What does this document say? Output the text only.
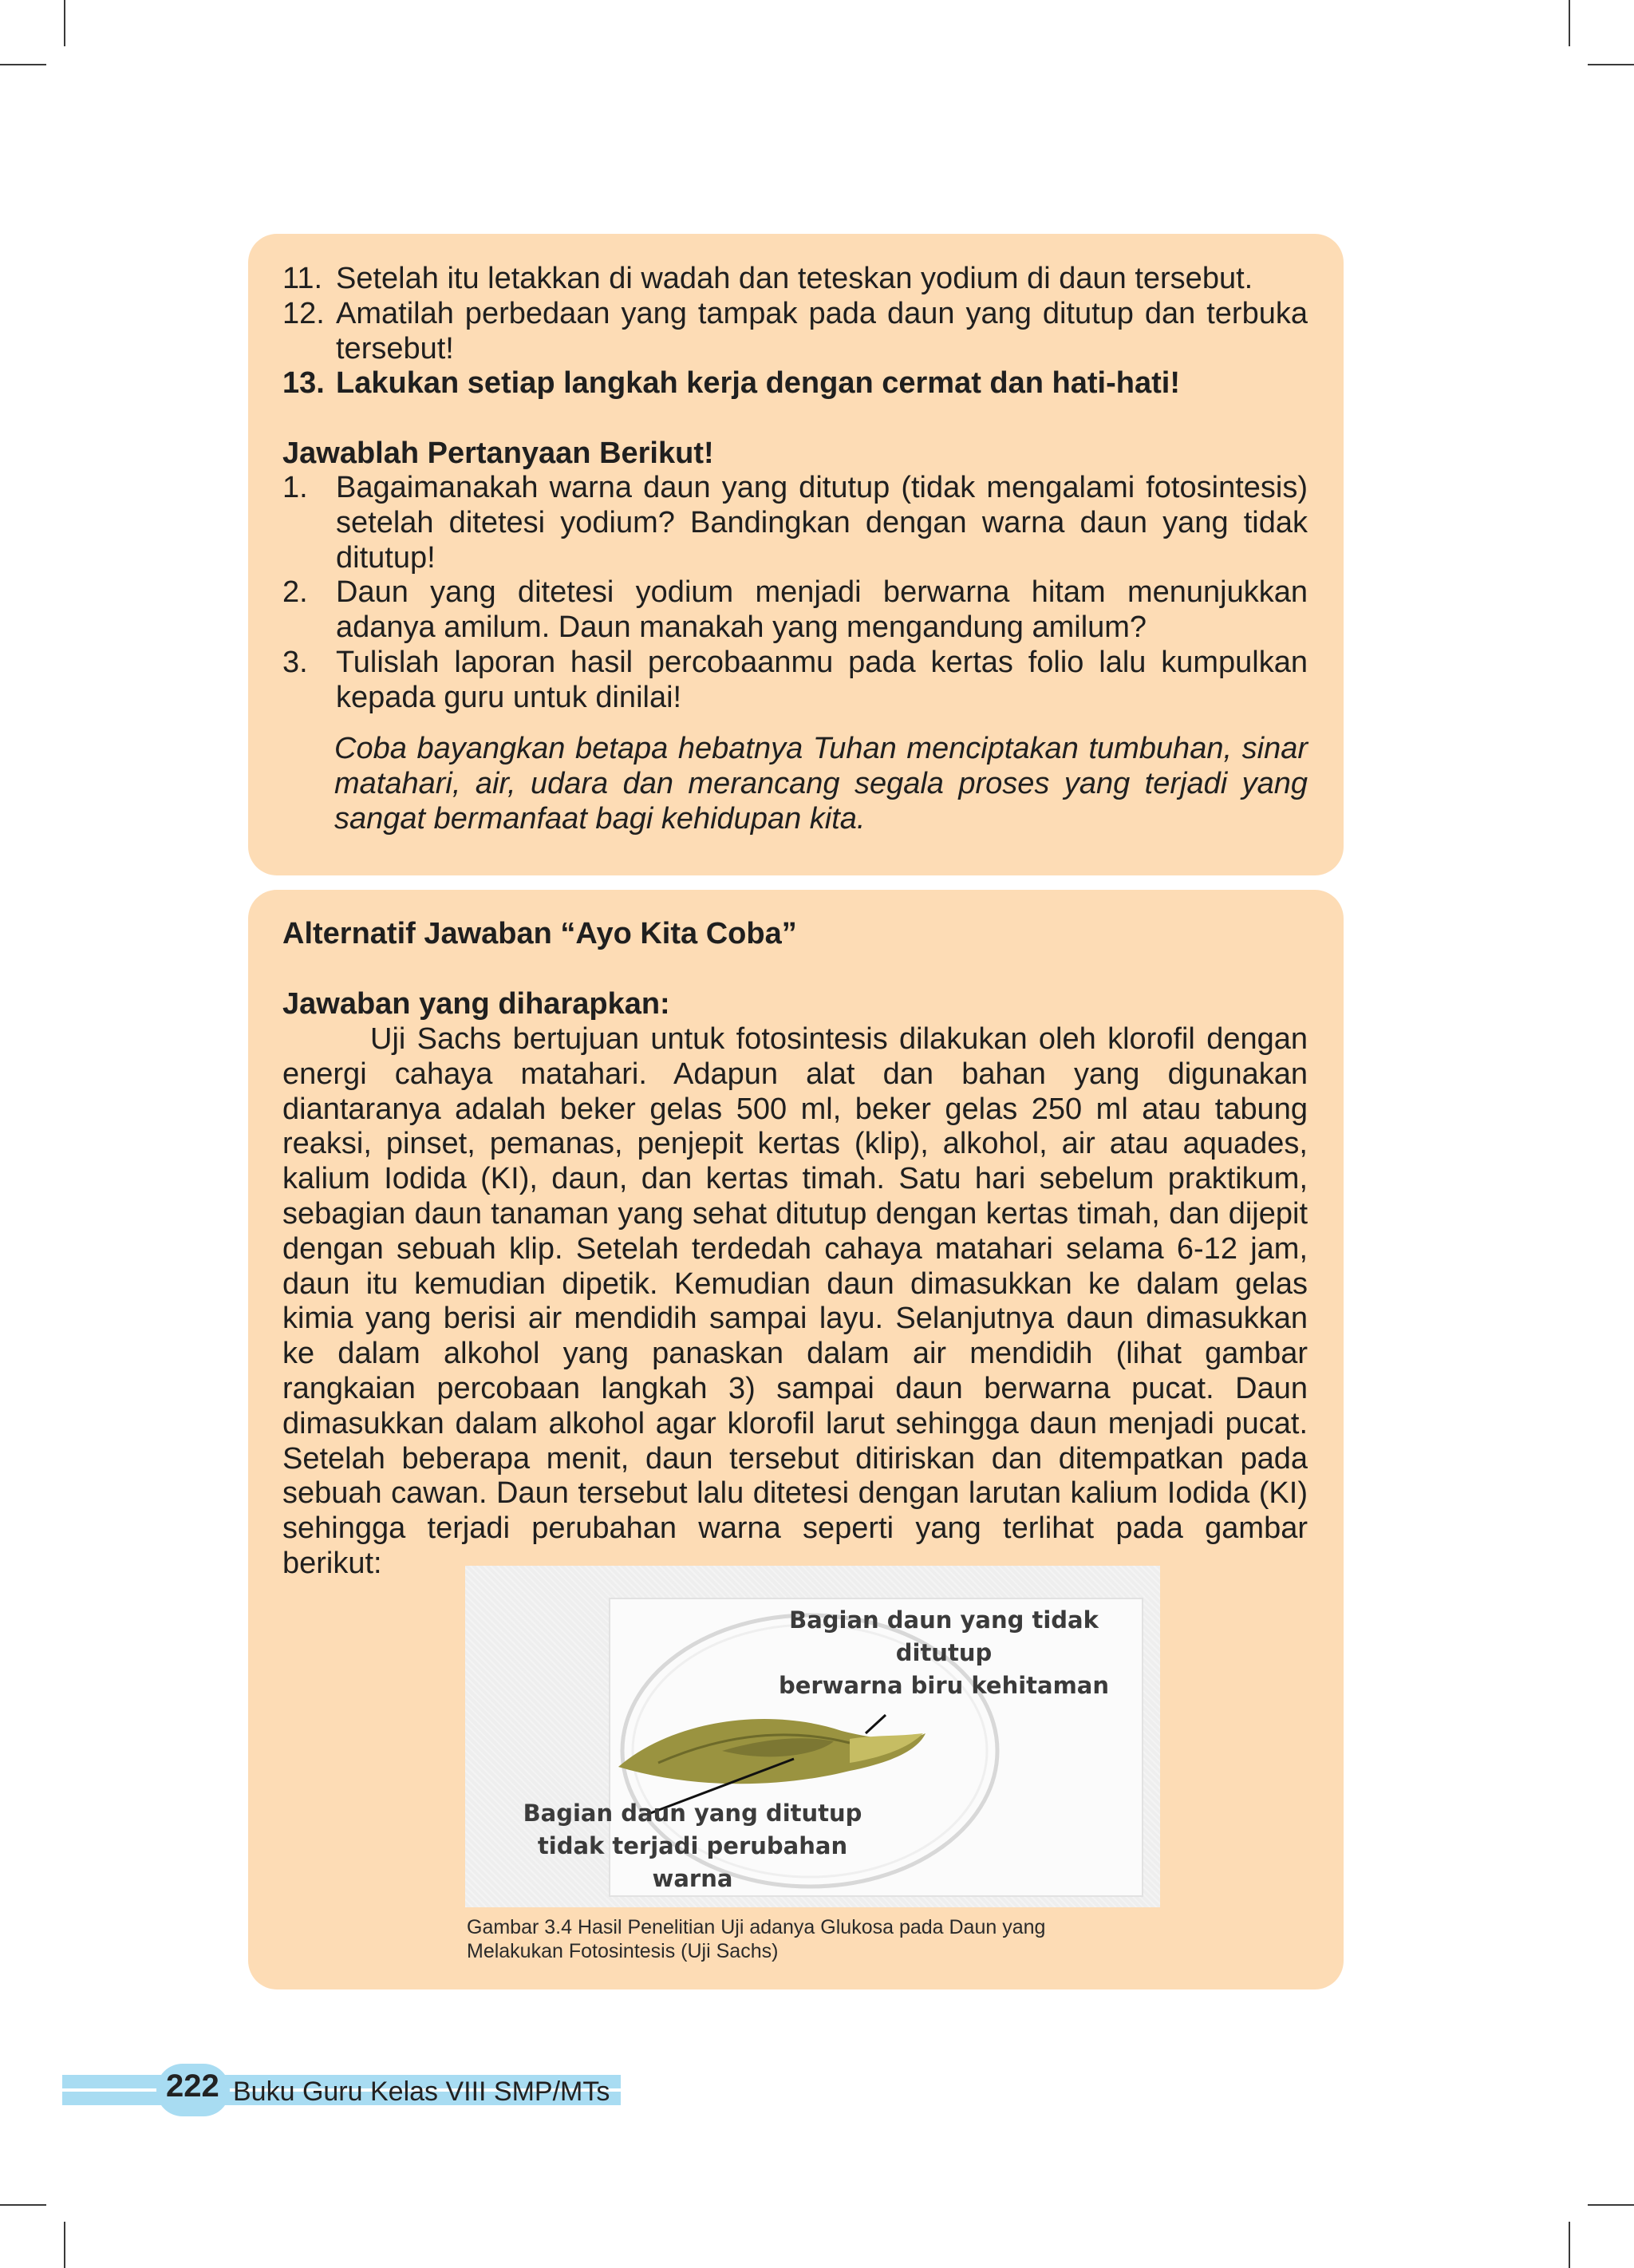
11. Setelah itu letakkan di wadah dan teteskan yodium di daun tersebut.
12. Amatilah perbedaan yang tampak pada daun yang ditutup dan terbuka tersebut!
13. Lakukan setiap langkah kerja dengan cermat dan hati-hati!
Jawablah Pertanyaan Berikut!
1. Bagaimanakah warna daun yang ditutup (tidak mengalami fotosintesis) setelah ditetesi yodium? Bandingkan dengan warna daun yang tidak ditutup!
2. Daun yang ditetesi yodium menjadi berwarna hitam menunjukkan adanya amilum. Daun manakah yang mengandung amilum?
3. Tulislah laporan hasil percobaanmu pada kertas folio lalu kumpulkan kepada guru untuk dinilai!
Coba bayangkan betapa hebatnya Tuhan menciptakan tumbuhan, sinar matahari, air, udara dan merancang segala proses yang terjadi yang sangat bermanfaat bagi kehidupan kita.
Alternatif Jawaban “Ayo Kita Coba”
Jawaban yang diharapkan:
Uji Sachs bertujuan untuk fotosintesis dilakukan oleh klorofil dengan energi cahaya matahari. Adapun alat dan bahan yang digunakan diantaranya adalah beker gelas 500 ml, beker gelas 250 ml atau tabung reaksi, pinset, pemanas, penjepit kertas (klip), alkohol, air atau aquades, kalium Iodida (KI), daun, dan kertas timah. Satu hari sebelum praktikum, sebagian daun tanaman yang sehat ditutup dengan kertas timah, dan dijepit dengan sebuah klip. Setelah terdedah cahaya matahari selama 6-12 jam, daun itu kemudian dipetik. Kemudian daun dimasukkan ke dalam gelas kimia yang berisi air mendidih sampai layu. Selanjutnya daun dimasukkan ke dalam alkohol yang panaskan dalam air mendidih (lihat gambar rangkaian percobaan langkah 3) sampai daun berwarna pucat. Daun dimasukkan dalam alkohol agar klorofil larut sehingga daun menjadi pucat. Setelah beberapa menit, daun tersebut ditiriskan dan ditempatkan pada sebuah cawan. Daun tersebut lalu ditetesi dengan larutan kalium Iodida (KI) sehingga terjadi perubahan warna seperti yang terlihat pada gambar berikut:
Bagian daun yang tidak ditutup
berwarna biru kehitaman
Bagian daun yang ditutup
tidak terjadi perubahan warna
Gambar 3.4 Hasil Penelitian Uji adanya Glukosa pada Daun yang
Melakukan Fotosintesis (Uji Sachs)
222 Buku Guru Kelas VIII SMP/MTs
